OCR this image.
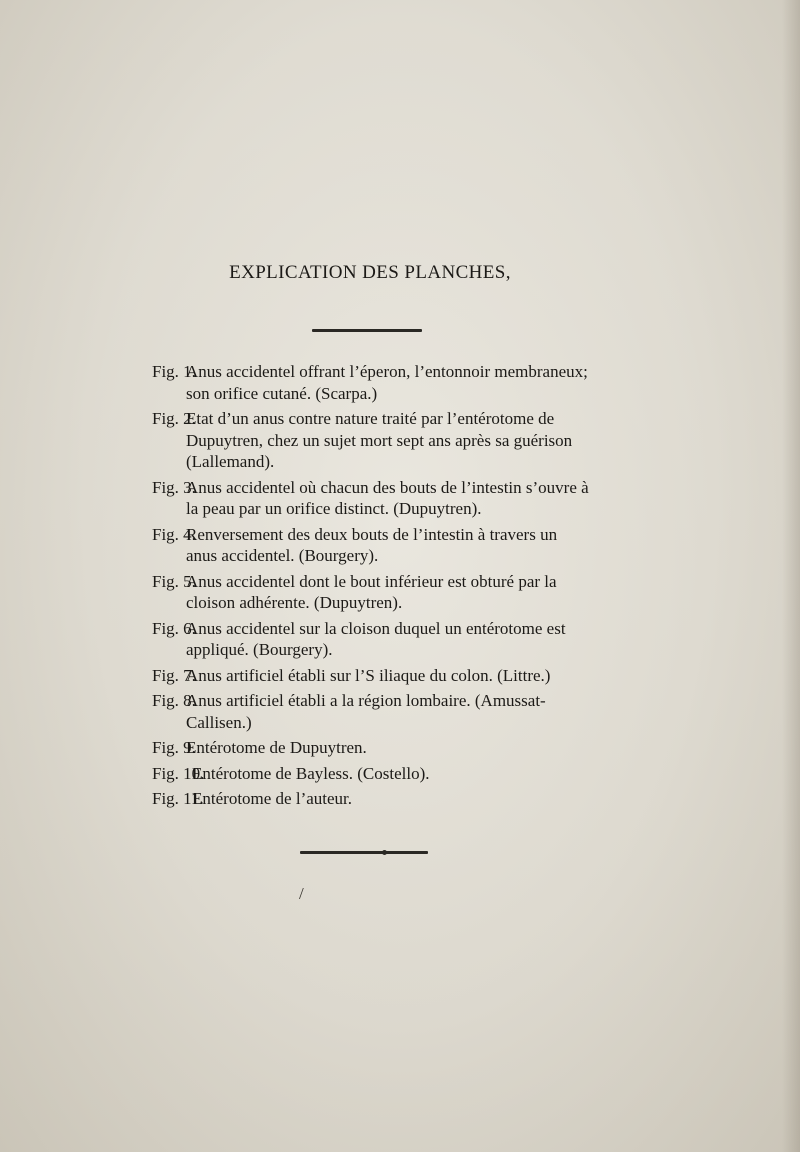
EXPLICATION DES PLANCHES,
Fig. 1.
Anus accidentel offrant l’éperon, l’entonnoir membraneux; son orifice cutané. (Scarpa.)
Fig. 2.
Etat d’un anus contre nature traité par l’entérotome de Dupuytren, chez un sujet mort sept ans après sa guérison (Lallemand).
Fig. 3.
Anus accidentel où chacun des bouts de l’intestin s’ouvre à la peau par un orifice distinct. (Dupuytren).
Fig. 4.
Renversement des deux bouts de l’intestin à travers un anus accidentel. (Bourgery).
Fig. 5.
Anus accidentel dont le bout inférieur est obturé par la cloison adhérente. (Dupuytren).
Fig. 6.
Anus accidentel sur la cloison duquel un entérotome est appliqué. (Bourgery).
Fig. 7.
Anus artificiel établi sur l’S iliaque du colon. (Littre.)
Fig. 8.
Anus artificiel établi a la région lombaire. (Amussat-Callisen.)
Fig. 9.
Entérotome de Dupuytren.
Fig. 10.
Entérotome de Bayless. (Costello).
Fig. 11.
Entérotome de l’auteur.
/
